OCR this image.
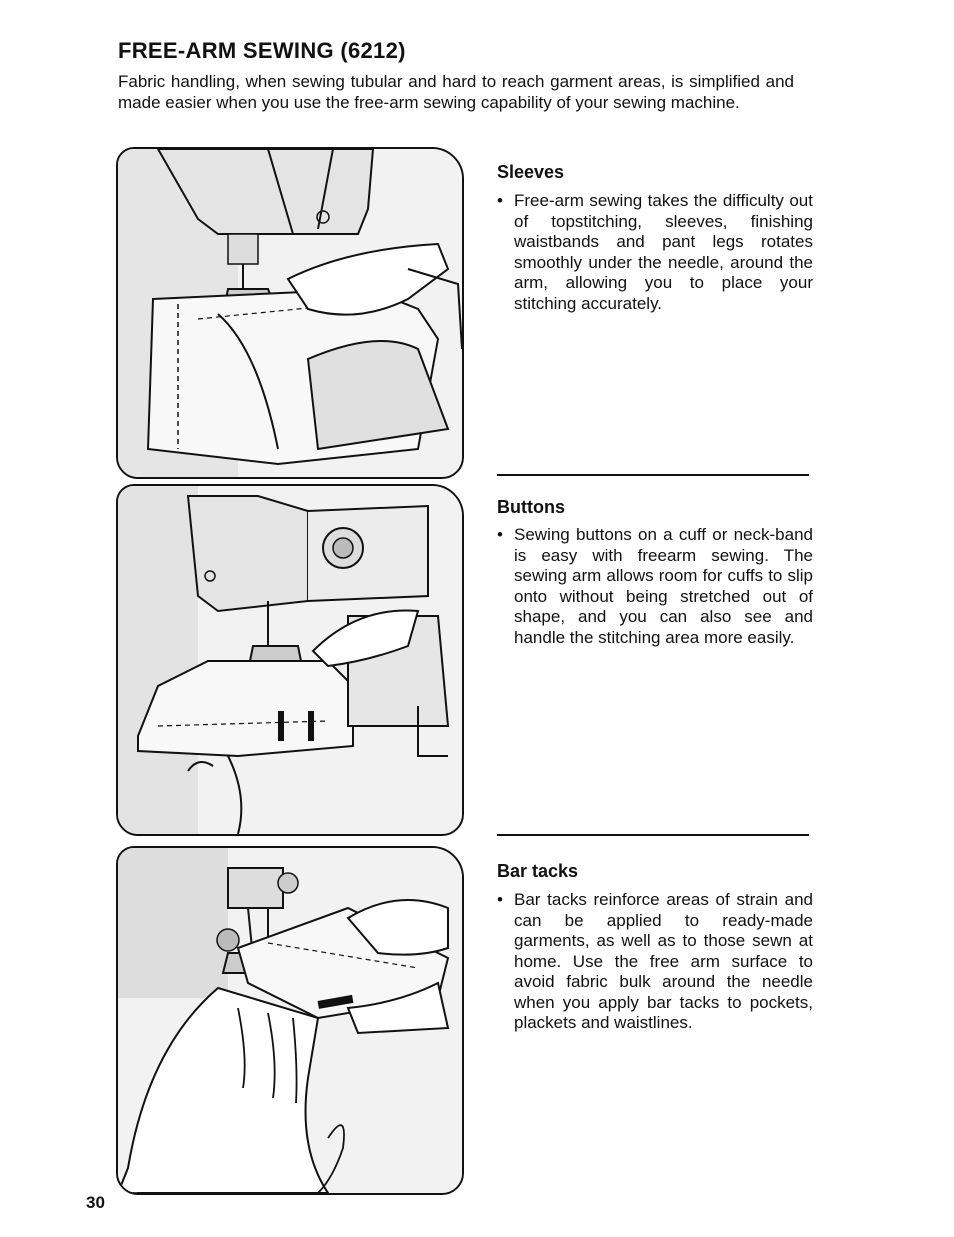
FREE-ARM SEWING (6212)

Fabric handling, when sewing tubular and hard to reach garment areas, is simplified and made easier when you use the free-arm sewing capability of your sewing machine.

Sleeves
• Free-arm sewing takes the difficulty out of topstitching, sleeves, finishing waistbands and pant legs rotates smoothly under the needle, around the arm, allowing you to place your stitching accurately.
Buttons
• Sewing buttons on a cuff or neck-band is easy with freearm sewing. The sewing arm allows room for cuffs to slip onto without being stretched out of shape, and you can also see and handle the stitching area more easily.
Bar tacks
• Bar tacks reinforce areas of strain and can be applied to ready-made garments, as well as to those sewn at home. Use the free arm surface to avoid fabric bulk around the needle when you apply bar tacks to pockets, plackets and waistlines.
30
